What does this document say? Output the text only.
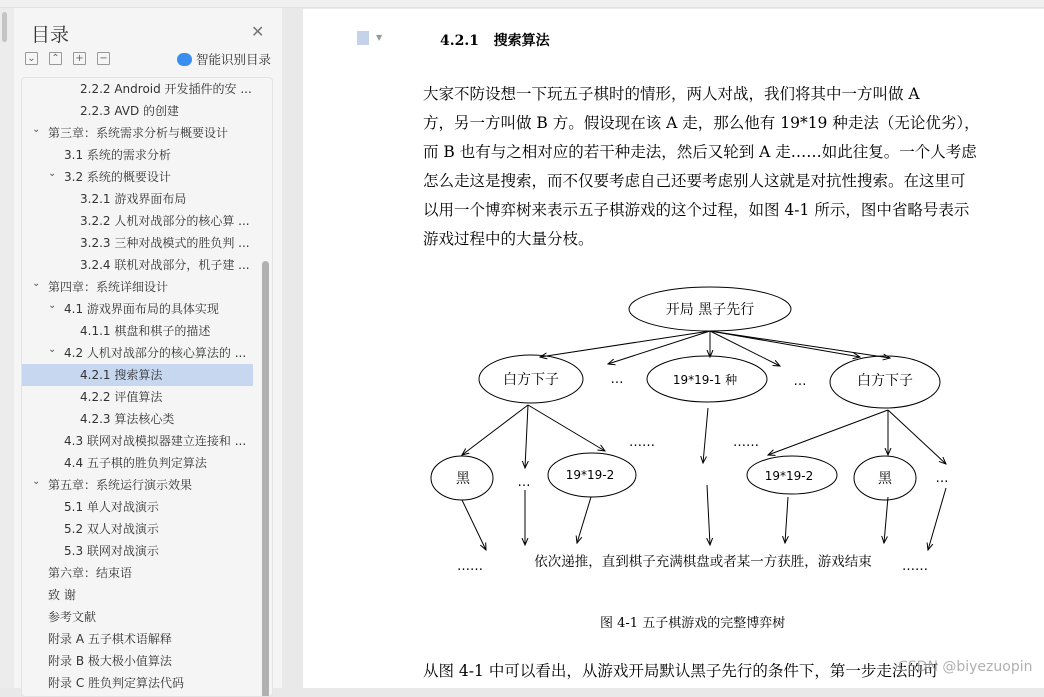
目录	✕
⌄ ⌃ + −	智能识别目录
2.2.2 Android 开发插件的安 ...
2.2.3 AVD 的创建
⌄ 第三章：系统需求分析与概要设计
3.1 系统的需求分析
⌄ 3.2 系统的概要设计
3.2.1 游戏界面布局
3.2.2 人机对战部分的核心算 ...
3.2.3 三种对战模式的胜负判 ...
3.2.4 联机对战部分，机子建 ...
⌄ 第四章：系统详细设计
⌄ 4.1 游戏界面布局的具体实现
4.1.1 棋盘和棋子的描述
⌄ 4.2 人机对战部分的核心算法的 ...
4.2.1 搜索算法
4.2.2 评值算法
4.2.3 算法核心类
4.3 联网对战模拟器建立连接和 ...
4.4 五子棋的胜负判定算法
⌄ 第五章：系统运行演示效果
5.1 单人对战演示
5.2 双人对战演示
5.3 联网对战演示
第六章：结束语
致 谢
参考文献
附录 A 五子棋术语解释
附录 B 极大极小值算法
附录 C 胜负判定算法代码
▼	4.2.1   搜索算法
大家不防设想一下玩五子棋时的情形，两人对战，我们将其中一方叫做 A
方，另一方叫做 B 方。假设现在该 A 走，那么他有 19*19 种走法（无论优劣），
而 B 也有与之相对应的若干种走法，然后又轮到 A 走……如此往复。一个人考虑
怎么走这是搜索，而不仅要考虑自己还要考虑别人这就是对抗性搜索。在这里可
以用一个博弈树来表示五子棋游戏的这个过程，如图 4-1 所示，图中省略号表示
游戏过程中的大量分枝。
开局 黑子先行
白方下子	19*19-1 种	白方下子
黑	19*19-2	19*19-2	黑
…	…
…	…
……	……
……	……
依次递推，直到棋子充满棋盘或者某一方获胜，游戏结束
图 4-1 五子棋游戏的完整博弈树
从图 4-1 中可以看出，从游戏开局默认黑子先行的条件下，第一步走法的可
CSDN @biyezuopin
